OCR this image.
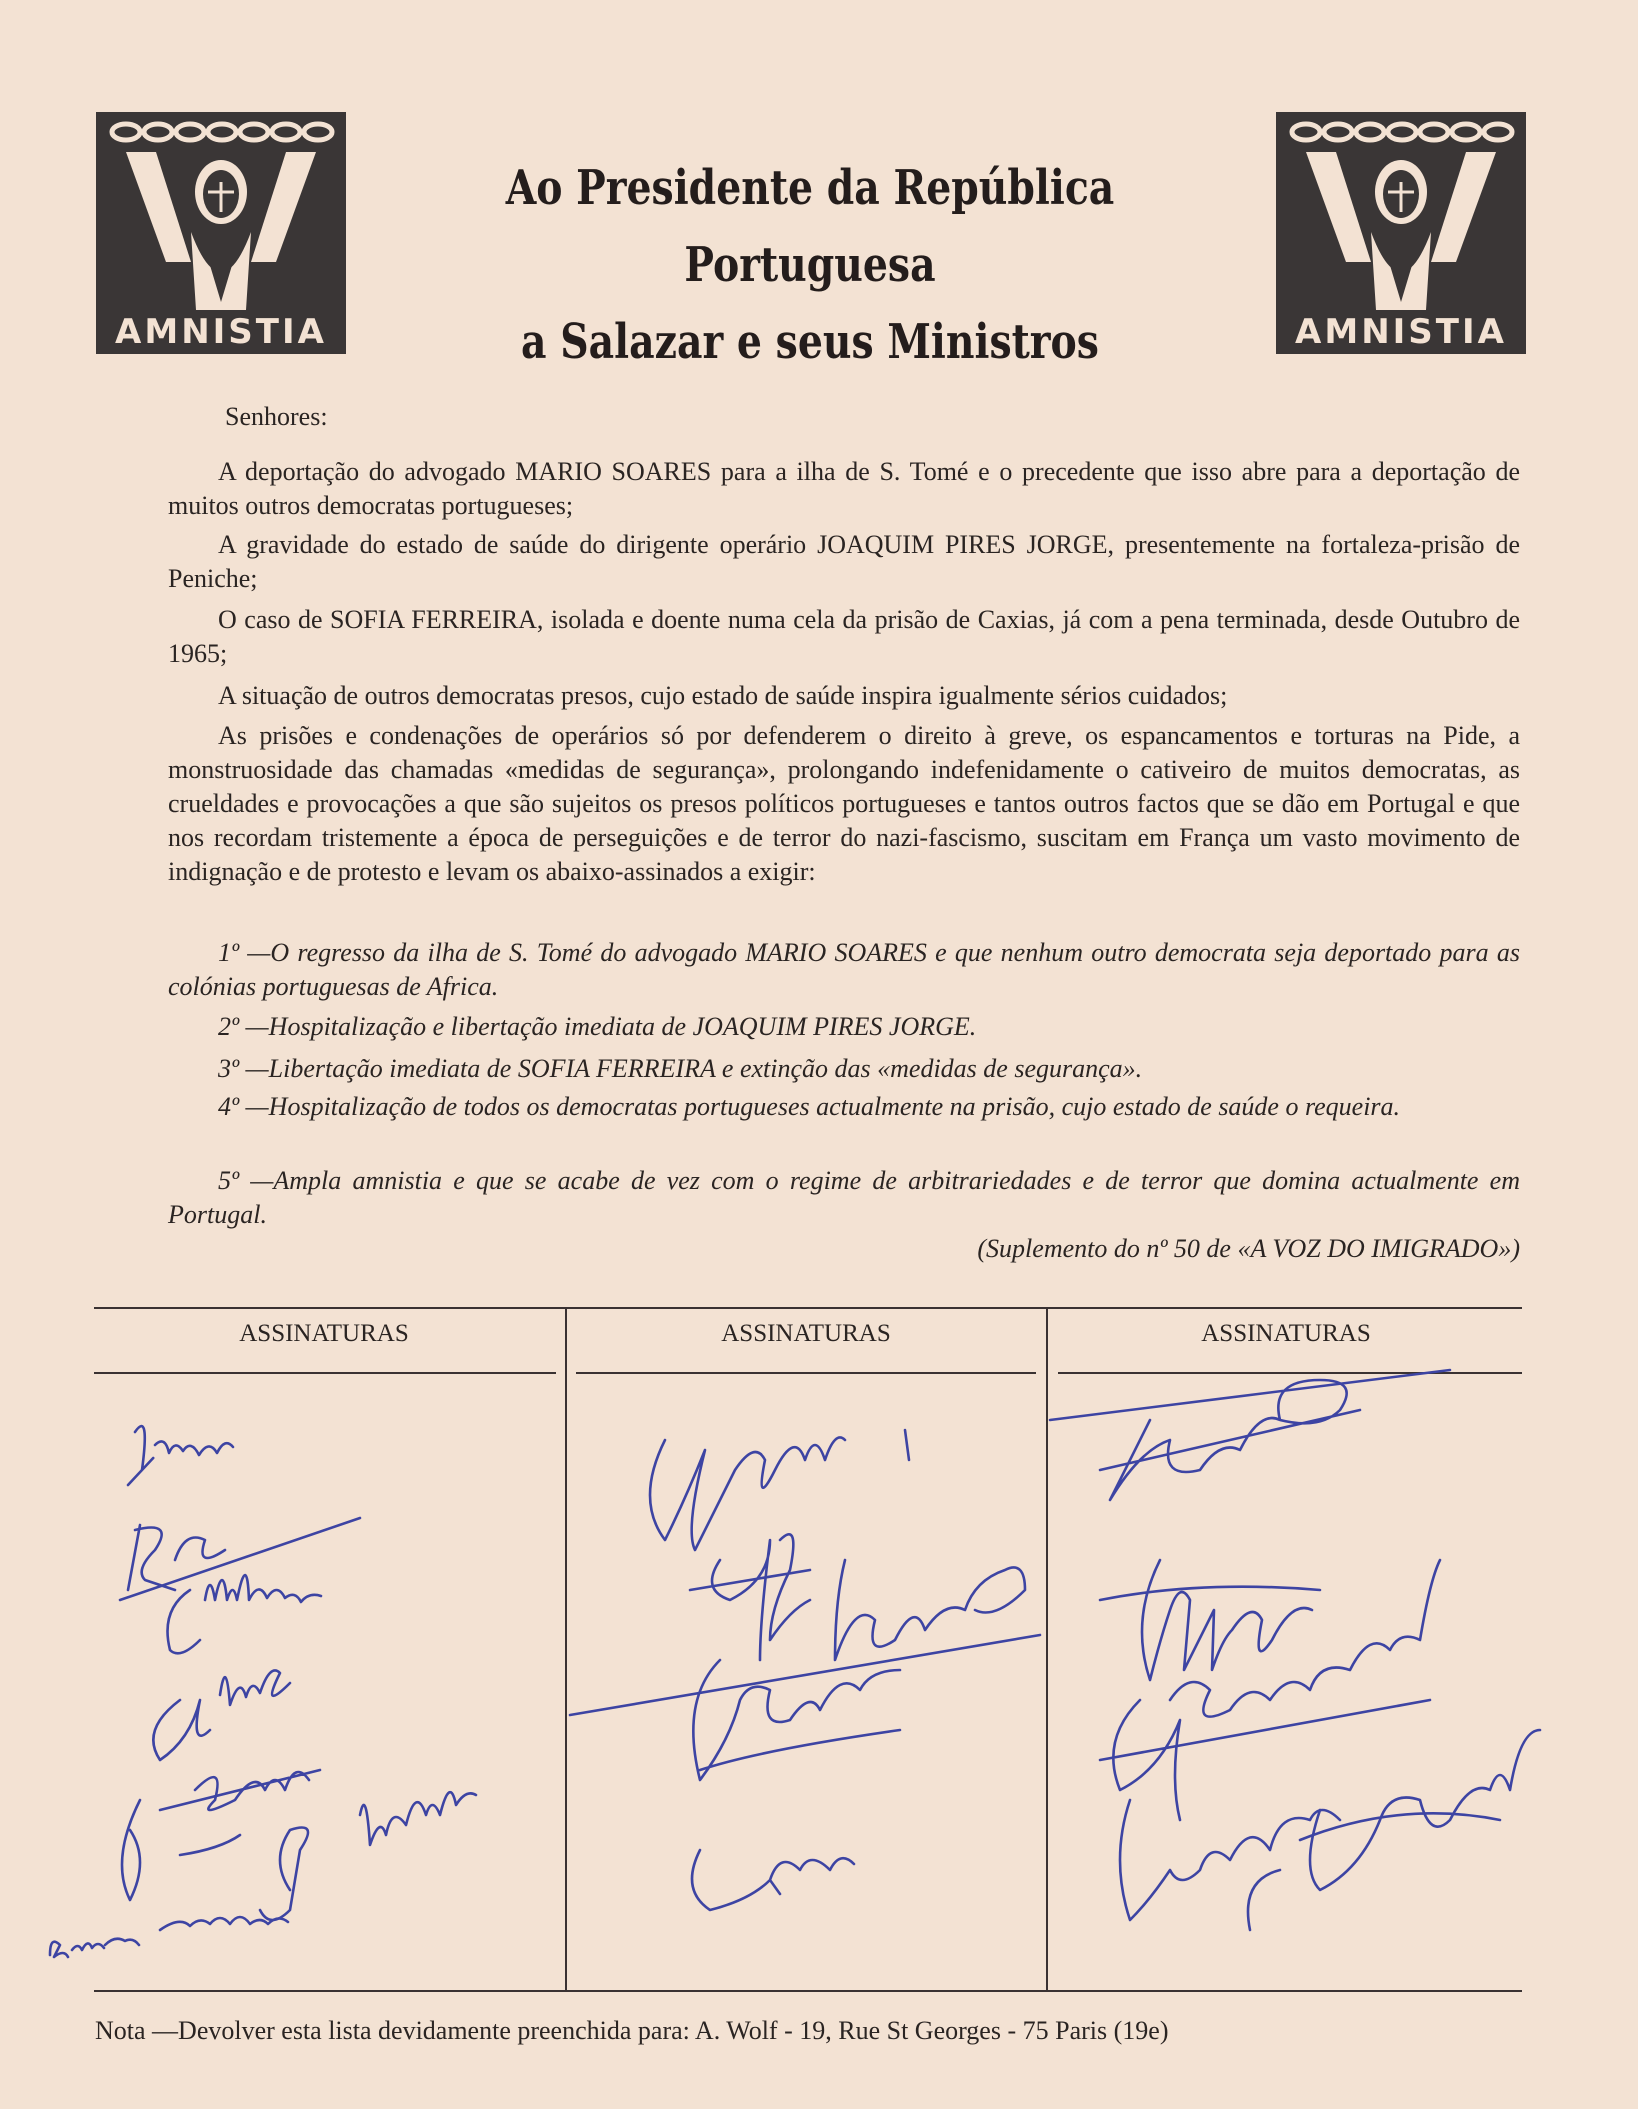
AMNISTIA	AMNISTIA
Ao Presidente da República Portuguesa
a Salazar e seus Ministros
Senhores:
A deportação do advogado MARIO SOARES para a ilha de S. Tomé e o precedente que isso abre para a deportação de muitos outros democratas portugueses;
A gravidade do estado de saúde do dirigente operário JOAQUIM PIRES JORGE, presentemente na fortaleza-prisão de Peniche;
O caso de SOFIA FERREIRA, isolada e doente numa cela da prisão de Caxias, já com a pena terminada, desde Outubro de 1965;
A situação de outros democratas presos, cujo estado de saúde inspira igualmente sérios cuidados;
As prisões e condenações de operários só por defenderem o direito à greve, os espancamentos e torturas na Pide, a monstruosidade das chamadas «medidas de segurança», prolongando indefenidamente o cativeiro de muitos democratas, as crueldades e provocações a que são sujeitos os presos políticos portugueses e tantos outros factos que se dão em Portugal e que nos recordam tristemente a época de perseguições e de terror do nazi-fascismo, suscitam em França um vasto movimento de indignação e de protesto e levam os abaixo-assinados a exigir:
1º —O regresso da ilha de S. Tomé do advogado MARIO SOARES e que nenhum outro democrata seja deportado para as colónias portuguesas de Africa.
2º —Hospitalização e libertação imediata de JOAQUIM PIRES JORGE.
3º —Libertação imediata de SOFIA FERREIRA e extinção das «medidas de segurança».
4º —Hospitalização de todos os democratas portugueses actualmente na prisão, cujo estado de saúde o requeira.
5º —Ampla amnistia e que se acabe de vez com o regime de arbitrariedades e de terror que domina actualmente em Portugal.
(Suplemento do nº 50 de «A VOZ DO IMIGRADO»)
ASSINATURAS	ASSINATURAS	ASSINATURAS
Nota —Devolver esta lista devidamente preenchida para: A. Wolf - 19, Rue St Georges - 75 Paris (19e)
